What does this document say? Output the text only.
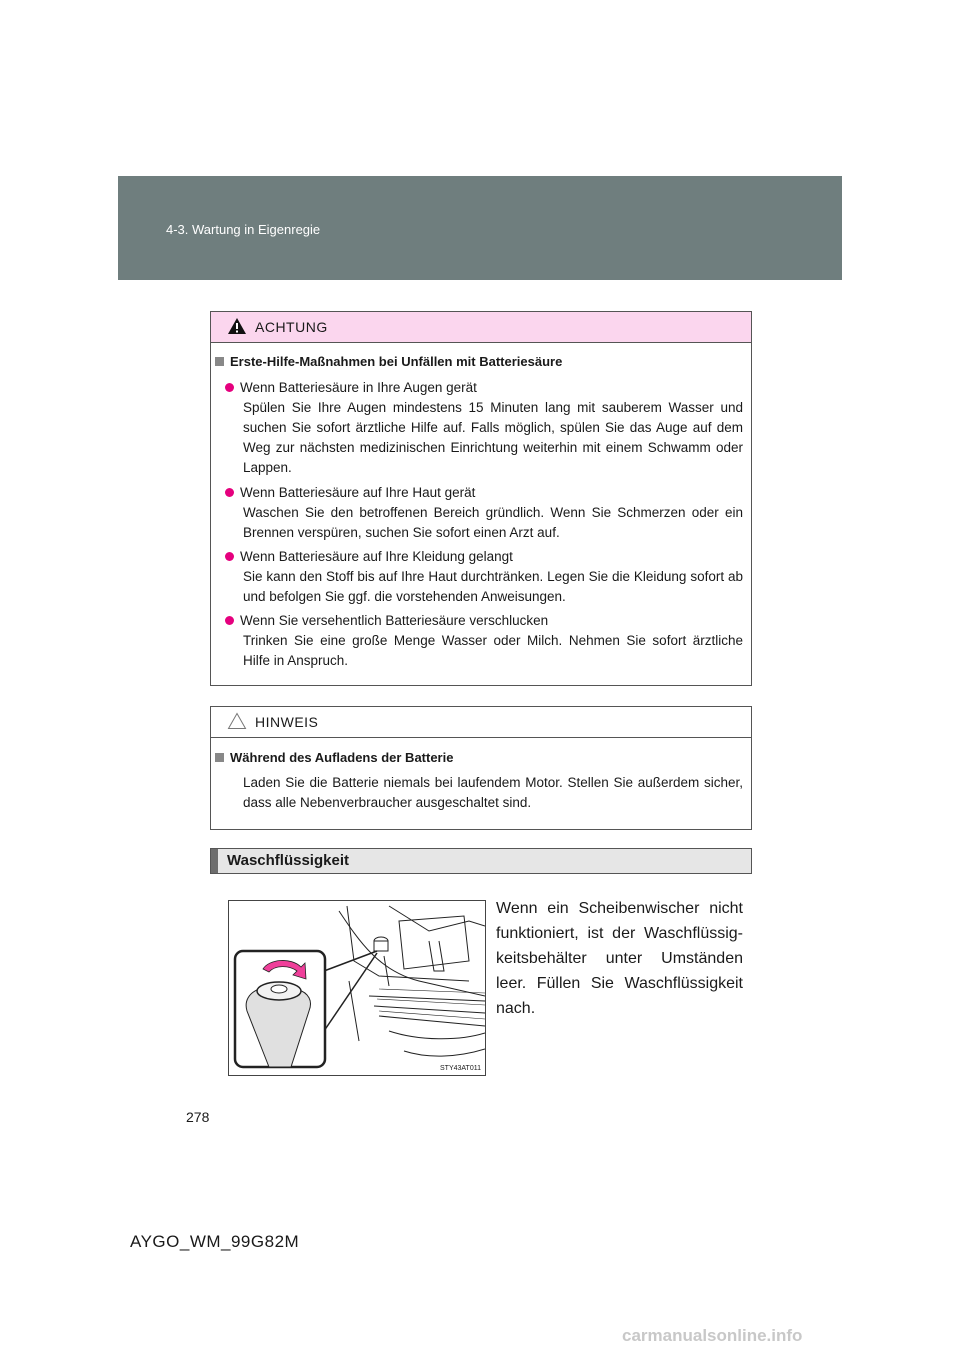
4-3. Wartung in Eigenregie
ACHTUNG
Erste-Hilfe-Maßnahmen bei Unfällen mit Batteriesäure
Wenn Batteriesäure in Ihre Augen gerät
Spülen Sie Ihre Augen mindestens 15 Minuten lang mit sauberem Wasser und suchen Sie sofort ärztliche Hilfe auf. Falls möglich, spülen Sie das Auge auf dem Weg zur nächsten medizinischen Einrichtung weiterhin mit einem Schwamm oder Lappen.
Wenn Batteriesäure auf Ihre Haut gerät
Waschen Sie den betroffenen Bereich gründlich. Wenn Sie Schmerzen oder ein Brennen verspüren, suchen Sie sofort einen Arzt auf.
Wenn Batteriesäure auf Ihre Kleidung gelangt
Sie kann den Stoff bis auf Ihre Haut durchtränken. Legen Sie die Kleidung sofort ab und befolgen Sie ggf. die vorstehenden Anweisungen.
Wenn Sie versehentlich Batteriesäure verschlucken
Trinken Sie eine große Menge Wasser oder Milch. Nehmen Sie sofort ärztliche Hilfe in Anspruch.
HINWEIS
Während des Aufladens der Batterie
Laden Sie die Batterie niemals bei laufendem Motor. Stellen Sie außerdem sicher, dass alle Nebenverbraucher ausgeschaltet sind.
Waschflüssigkeit
STY43AT011
Wenn ein Scheibenwischer nicht funktioniert, ist der Waschflüssigkeitsbehälter unter Umständen leer. Füllen Sie Waschflüssigkeit nach.
278
AYGO_WM_99G82M
carmanualsonline.info
